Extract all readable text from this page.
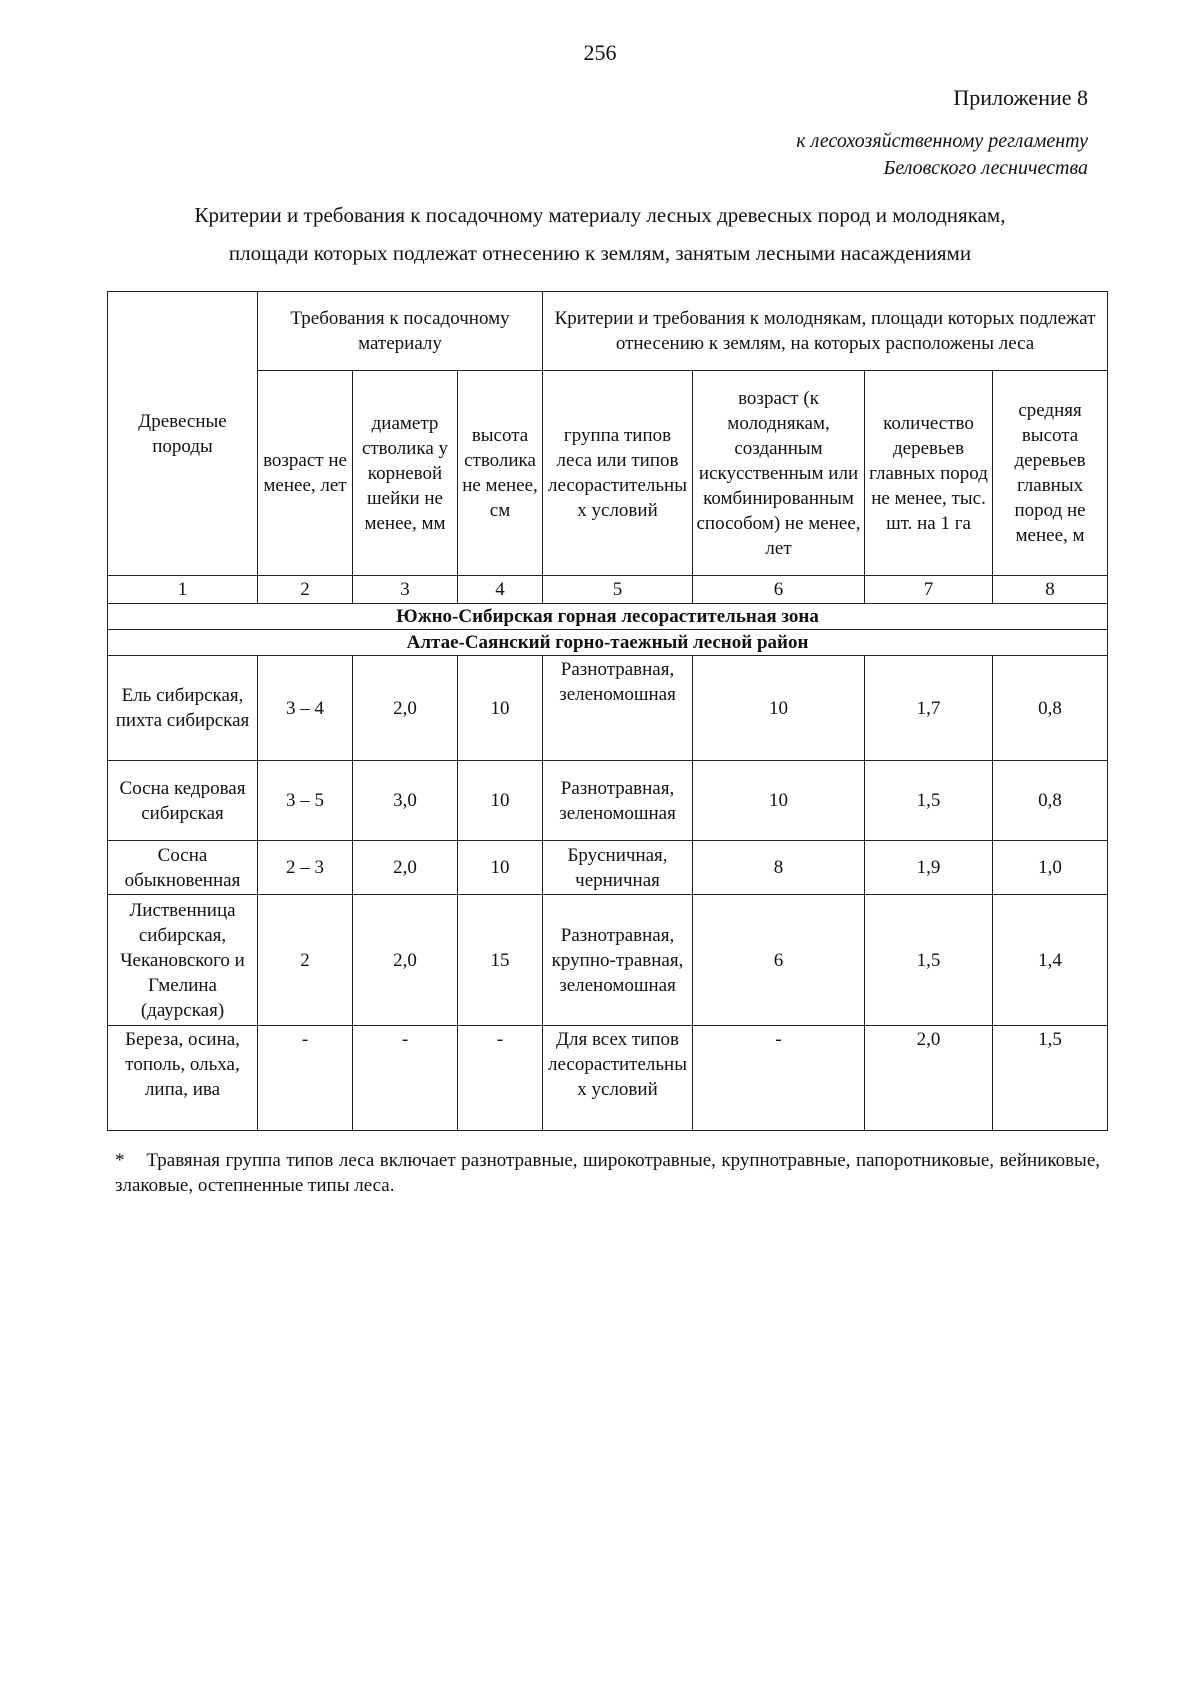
256
Приложение 8
к лесохозяйственному регламенту
Беловского лесничества
Критерии и требования к посадочному материалу лесных древесных пород и молоднякам,
площади которых подлежат отнесению к землям, занятым лесными насаждениями
Древесные породы	Требования к посадочному материалу			Критерии и требования к молоднякам, площади которых подлежат отнесению к землям, на которых расположены леса			
	возраст не менее, лет	диаметр стволика у корневой шейки не менее, мм	высота стволика не менее, см	группа типов леса или типов лесорастительных условий	возраст (к молоднякам, созданным искусственным или комбинированным способом) не менее, лет	количество деревьев главных пород не менее, тыс. шт. на 1 га	средняя высота деревьев главных пород не менее, м
1	2	3	4	5	6	7	8
Южно-Сибирская горная лесорастительная зона							
Алтае-Саянский горно-таежный лесной район							
Ель сибирская, пихта сибирская	3 – 4	2,0	10	Разнотравная, зеленомошная	10	1,7	0,8
Сосна кедровая сибирская	3 – 5	3,0	10	Разнотравная, зеленомошная	10	1,5	0,8
Сосна обыкновенная	2 – 3	2,0	10	Брусничная, черничная	8	1,9	1,0
Лиственница сибирская, Чекановского и Гмелина (даурская)	2	2,0	15	Разнотравная, крупно-травная, зеленомошная	6	1,5	1,4
Береза, осина, тополь, ольха, липа, ива	-	-	-	Для всех типов лесорастительных условий	-	2,0	1,5
* Травяная группа типов леса включает разнотравные, широкотравные, крупнотравные, папоротниковые, вейниковые, злаковые, остепненные типы леса.
